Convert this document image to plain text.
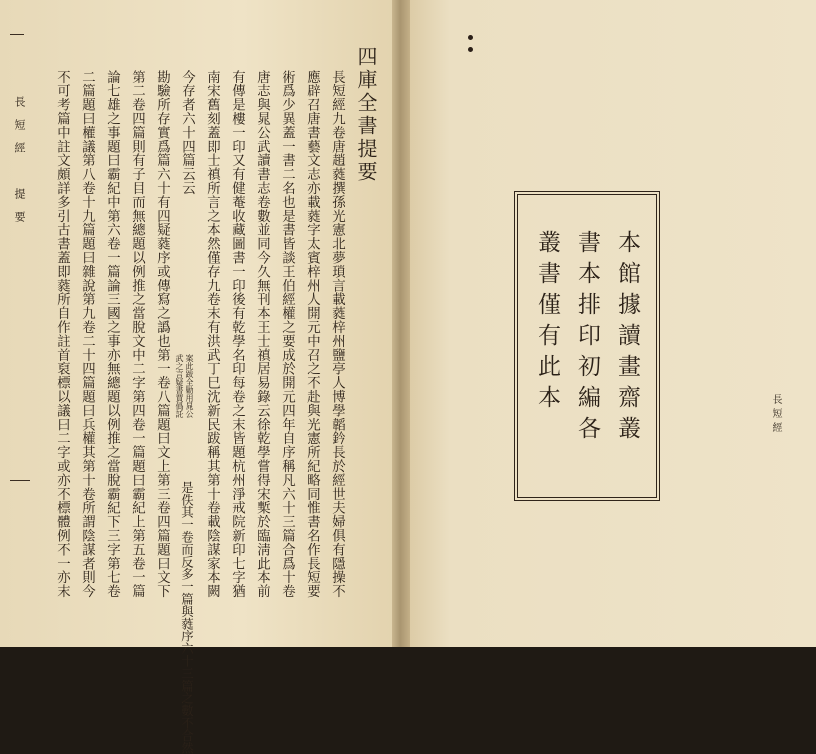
四庫全書提要
長短經九卷唐趙蕤撰孫光憲北夢瑣言載蕤梓州鹽亭人博學韜鈐長於經世夫婦俱有隱操不
應辟召唐書藝文志亦載蕤字太賓梓州人開元中召之不赴與光憲所紀略同惟書名作長短要
術爲少異蓋一書二名也是書皆談王伯經權之要成於開元四年自序稱凡六十三篇合爲十卷
唐志與晁公武讀書志卷數並同今久無刊本王士禛居易錄云徐乾學嘗得宋槧於臨淸此本前
有傳是樓一印又有健菴收藏圖書一印後有乾學名印每卷之末皆題杭州淨戒院新印七字猶
南宋舊刻蓋即士禛所言之本然僅存九卷末有洪武丁巳沈新民跋稱其第十卷載陰謀家本闕
今存者六十四篇云云
是佚其一卷而反多一篇與蕤序六十三篇之數不合然
案此跋全勦用晁公
武之言疑書賈僞託
勘驗所存實爲篇六十有四疑蕤序或傳寫之譌也第一卷八篇題曰文上第三卷四篇題曰文下
第二卷四篇則有子目而無總題以例推之當脫文中二字第四卷一篇題曰霸紀上第五卷一篇
論七雄之事題曰霸紀中第六卷一篇論三國之事亦無總題以例推之當脫霸紀下三字第七卷
二篇題曰權議第八卷十九篇題曰雜說第九卷二十四篇題曰兵權其第十卷所謂陰謀者則今
不可考篇中註文頗詳多引古書蓋即蕤所自作註首裒標以議曰二字或亦不標體例不一亦末
長短經　提要
本館據讀畫齋叢
書本排印初編各
叢書僅有此本	長短經
